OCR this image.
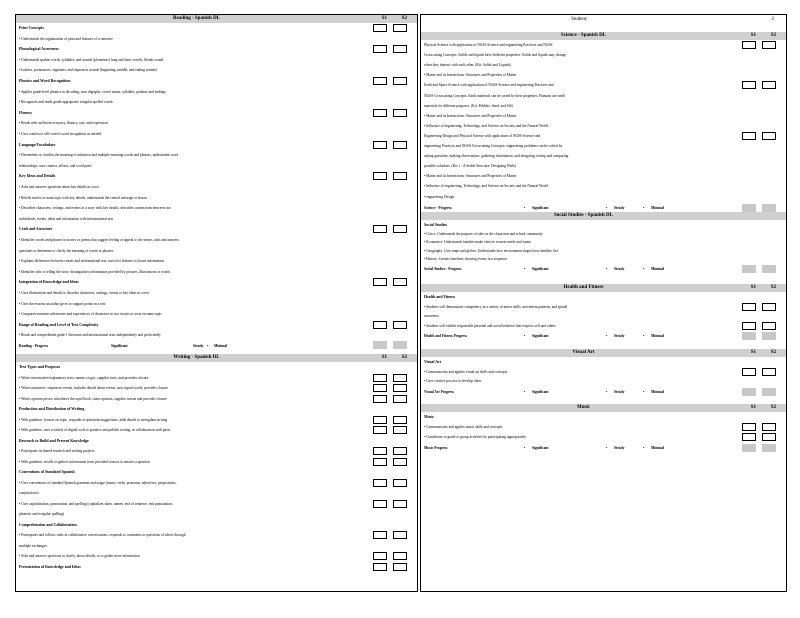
Reading - Spanish DL	S1	S2
Print Concepts
• Understands the organization of print and features of a sentence
Phonological Awareness
• Understands spoken words, syllables, and sounds (phonemes) long and short vowels, blends sound
• Isolates, pronounces, segments, and sequences sounds (beginning, middle, and ending sounds)
Phonics and Word Recognition
• Applies grade-level phonics in decoding, uses digraphs, vowel teams, syllables, patterns and endings
• Recognizes and reads grade-appropriate irregular spelled words
Fluency
• Reads with sufficient accuracy, fluency, rate, and expression
• Uses context to self-correct word recognition as needed
Language/Vocabulary
• Determines or clarifies the meaning of unknown and multiple-meaning words and phrases, understands word
relationships, uses context, affixes, and word parts
Key Ideas and Details
• Asks and answers questions about key details in a text
• Retells stories or main topic with key details, understands the central message or lesson
• Describes characters, settings, and events in a story with key details; describes connections between two
individuals, events, ideas and information with informational text
Craft and Structure
• Identifies words and phrases in stories or poems that suggest feeling or appeal to the senses, asks and answers
questions to determine or clarify the meaning of words or phrases
• Explains differences between stories and informational text, uses text features to locate information
• Identifies who is telling the story; distinguishes information provided by pictures, illustrations or words
Integration of Knowledge and Ideas
• Uses illustrations and details to describe characters, settings, events or key ideas in a text
• Uses the reasons an author gives to support points in a text
• Compares/contrasts adventures and experiences of characters in two stories or texts on same topic
Range of Reading and Level of Text Complexity
• Reads and comprehends grade 1 literature and informational texts independently and proficiently
Reading - Progress	Significant	Steady • Minimal
Writing - Spanish DL	S1	S2
Text Types and Purposes
• Writes informative/explanatory texts: names a topic, supplies facts, and provides closure
• Writes narratives: sequences events, includes details about events, uses signal words, provides closure
• Writes opinion pieces: introduces the topic/book, states opinion, supplies reason and provides closure
Production and Distribution of Writing
• With guidance, focuses on topic, responds to questions/suggestions, adds details to strengthen writing
• With guidance, uses a variety of digital tools to produce and publish writing, in collaboration with peers
Research to Build and Present Knowledge
• Participates in shared research and writing projects
• With guidance, recalls or gathers information from provided sources to answer a question
Conventions of Standard Spanish
• Uses conventions of standard Spanish grammar and usage (nouns, verbs, pronouns, adjectives, prepositions,
conjunctions)
• Uses capitalization, punctuation, and spelling (capitalizes dates, names, end of sentence, end punctuation,
phonetic and irregular spelling)
Comprehension and Collaboration
• Participates and follows rules in collaborative conversations, responds to comments or questions of others through
multiple exchanges
• Asks and answers questions to clarify, about details, or to gather more information
Presentation of Knowledge and Ideas
Student:	2
Science - Spanish DL	S1	S2
Physical Science with application of NGSS Science and engineering Practices and NGSS
Crosscutting Concepts: Solids and liquids have different properties. Solids and liquids may change
when they interact with each other. (Kit: Solids and Liquids)
• Matter and its Interactions: Structures and Properties of Matter
Earth and Space Science with application of NGSS Science and engineering Practices and
NGSS Crosscutting Concepts: Earth materials can be sorted by their properties. Humans use earth
materials for different purposes. (Kit: Pebbles, Sand, and Silt)
• Matter and its Interactions: Structures and Properties of Matter
• Influence of engineering, Technology, and Science on Society and the Natural World
Engineering Design and Physical Science with application of NGSS Science and
engineering Practices and NGSS Crosscutting Concepts: engineering problems can be solved by
asking questions, making observations, gathering information, and designing, testing and comparing
possible solutions. (Kit: i - A Stable Structure: Designing Walls)
• Matter and its Interactions: Structures and Properties of Matter
• Influence of engineering, Technology, and Science on Society and the Natural World
• engineering Design
Science - Progress	Significant	Steady	Minimal
•	•	•
Social Studies - Spanish DL
Social Studies
• Civics: Understands the purpose of rules in the classroom and school community
• Economics: Understands families make choices to meet needs and wants
• Geography: Uses maps and globes; Understands how environment shapes how families live
• History: Creates timelines showing events in a sequence
Social Studies - Progress	Significant	Steady	Minimal
•	•	•
Health and Fitness	S1	S2
Health and Fitness
• Students will demonstrate competency in a variety of motor skills, movement patterns, and spatial
awareness
• Students will exhibit responsible personal and social behavior that respects self and others
Health and Fitness Progress	Significant	Steady	Minimal
•	•	•
Visual Art	S1	S2
Visual Art
• Communicates and applies visual art skills and concepts
• Uses creative process to develop ideas
Visual Art Progress	Significant	Steady	Minimal
•	•	•
Music	S1	S2
Music
• Communicates and applies music skills and concepts
• Contributes to grade or group activities by participating appropriately
Music Progress	Significant	Steady	Minimal
•	•	•
